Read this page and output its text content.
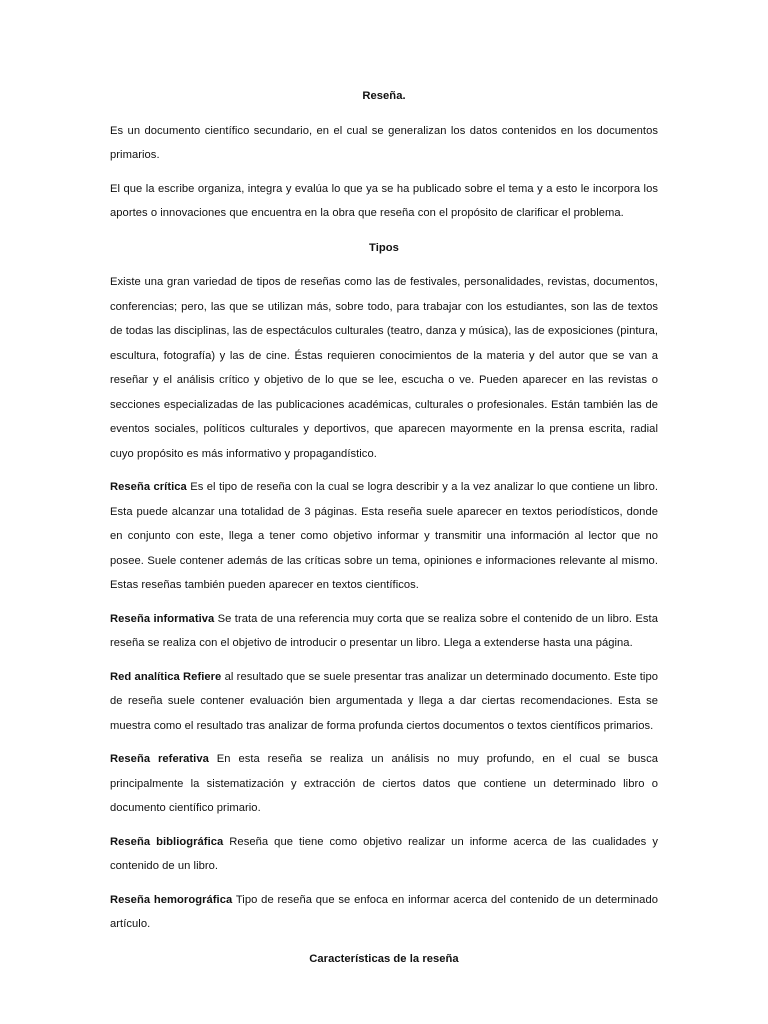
Reseña.

Es un documento científico secundario, en el cual se generalizan los datos contenidos en los documentos primarios.

El que la escribe organiza, integra y evalúa lo que ya se ha publicado sobre el tema y a esto le incorpora los aportes o innovaciones que encuentra en la obra que reseña con el propósito de clarificar el problema.

Tipos

Existe una gran variedad de tipos de reseñas como las de festivales, personalidades, revistas, documentos, conferencias; pero, las que se utilizan más, sobre todo, para trabajar con los estudiantes, son las de textos de todas las disciplinas, las de espectáculos culturales (teatro, danza y música), las de exposiciones (pintura, escultura, fotografía) y las de cine. Éstas requieren conocimientos de la materia y del autor que se van a reseñar y el análisis crítico y objetivo de lo que se lee, escucha o ve. Pueden aparecer en las revistas o secciones especializadas de las publicaciones académicas, culturales o profesionales. Están también las de eventos sociales, políticos culturales y deportivos, que aparecen mayormente en la prensa escrita, radial cuyo propósito es más informativo y propagandístico.

Reseña crítica Es el tipo de reseña con la cual se logra describir y a la vez analizar lo que contiene un libro. Esta puede alcanzar una totalidad de 3 páginas. Esta reseña suele aparecer en textos periodísticos, donde en conjunto con este, llega a tener como objetivo informar y transmitir una información al lector que no posee. Suele contener además de las críticas sobre un tema, opiniones e informaciones relevante al mismo. Estas reseñas también pueden aparecer en textos científicos.

Reseña informativa Se trata de una referencia muy corta que se realiza sobre el contenido de un libro. Esta reseña se realiza con el objetivo de introducir o presentar un libro. Llega a extenderse hasta una página.

Red analítica Refiere al resultado que se suele presentar tras analizar un determinado documento. Este tipo de reseña suele contener evaluación bien argumentada y llega a dar ciertas recomendaciones. Esta se muestra como el resultado tras analizar de forma profunda ciertos documentos o textos científicos primarios.

Reseña referativa En esta reseña se realiza un análisis no muy profundo, en el cual se busca principalmente la sistematización y extracción de ciertos datos que contiene un determinado libro o documento científico primario.

Reseña bibliográfica Reseña que tiene como objetivo realizar un informe acerca de las cualidades y contenido de un libro.

Reseña hemorográfica Tipo de reseña que se enfoca en informar acerca del contenido de un determinado artículo.

Características de la reseña
